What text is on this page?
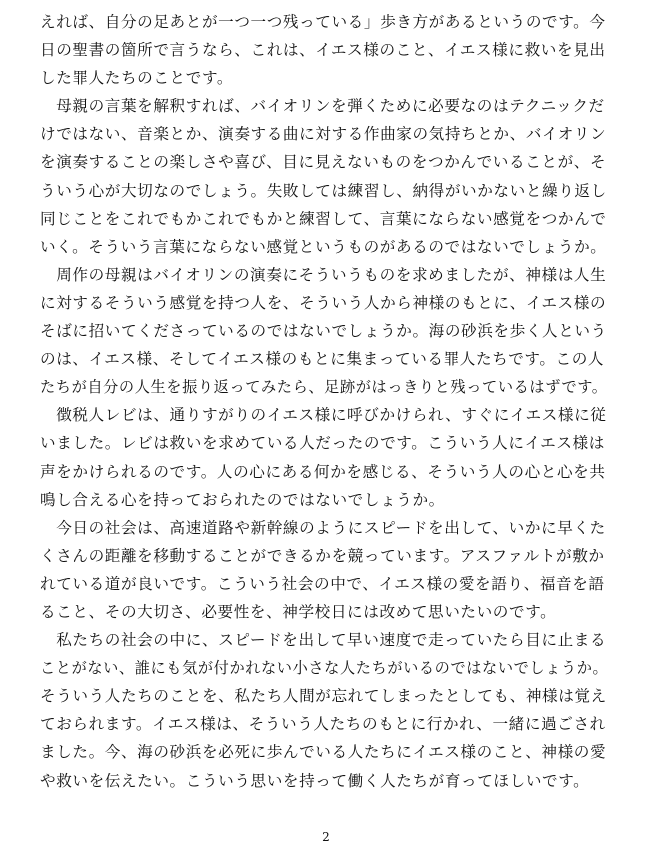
えれば、自分の足あとが一つ一つ残っている」歩き方があるというのです。今
日の聖書の箇所で言うなら、これは、イエス様のこと、イエス様に救いを見出
した罪人たちのことです。
　母親の言葉を解釈すれば、バイオリンを弾くために必要なのはテクニックだ
けではない、音楽とか、演奏する曲に対する作曲家の気持ちとか、バイオリン
を演奏することの楽しさや喜び、目に見えないものをつかんでいることが、そ
ういう心が大切なのでしょう。失敗しては練習し、納得がいかないと繰り返し
同じことをこれでもかこれでもかと練習して、言葉にならない感覚をつかんで
いく。そういう言葉にならない感覚というものがあるのではないでしょうか。
　周作の母親はバイオリンの演奏にそういうものを求めましたが、神様は人生
に対するそういう感覚を持つ人を、そういう人から神様のもとに、イエス様の
そばに招いてくださっているのではないでしょうか。海の砂浜を歩く人という
のは、イエス様、そしてイエス様のもとに集まっている罪人たちです。この人
たちが自分の人生を振り返ってみたら、足跡がはっきりと残っているはずです。
　徴税人レビは、通りすがりのイエス様に呼びかけられ、すぐにイエス様に従
いました。レビは救いを求めている人だったのです。こういう人にイエス様は
声をかけられるのです。人の心にある何かを感じる、そういう人の心と心を共
鳴し合える心を持っておられたのではないでしょうか。
　今日の社会は、高速道路や新幹線のようにスピードを出して、いかに早くた
くさんの距離を移動することができるかを競っています。アスファルトが敷か
れている道が良いです。こういう社会の中で、イエス様の愛を語り、福音を語
ること、その大切さ、必要性を、神学校日には改めて思いたいのです。
　私たちの社会の中に、スピードを出して早い速度で走っていたら目に止まる
ことがない、誰にも気が付かれない小さな人たちがいるのではないでしょうか。
そういう人たちのことを、私たち人間が忘れてしまったとしても、神様は覚え
ておられます。イエス様は、そういう人たちのもとに行かれ、一緒に過ごされ
ました。今、海の砂浜を必死に歩んでいる人たちにイエス様のこと、神様の愛
や救いを伝えたい。こういう思いを持って働く人たちが育ってほしいです。
2
